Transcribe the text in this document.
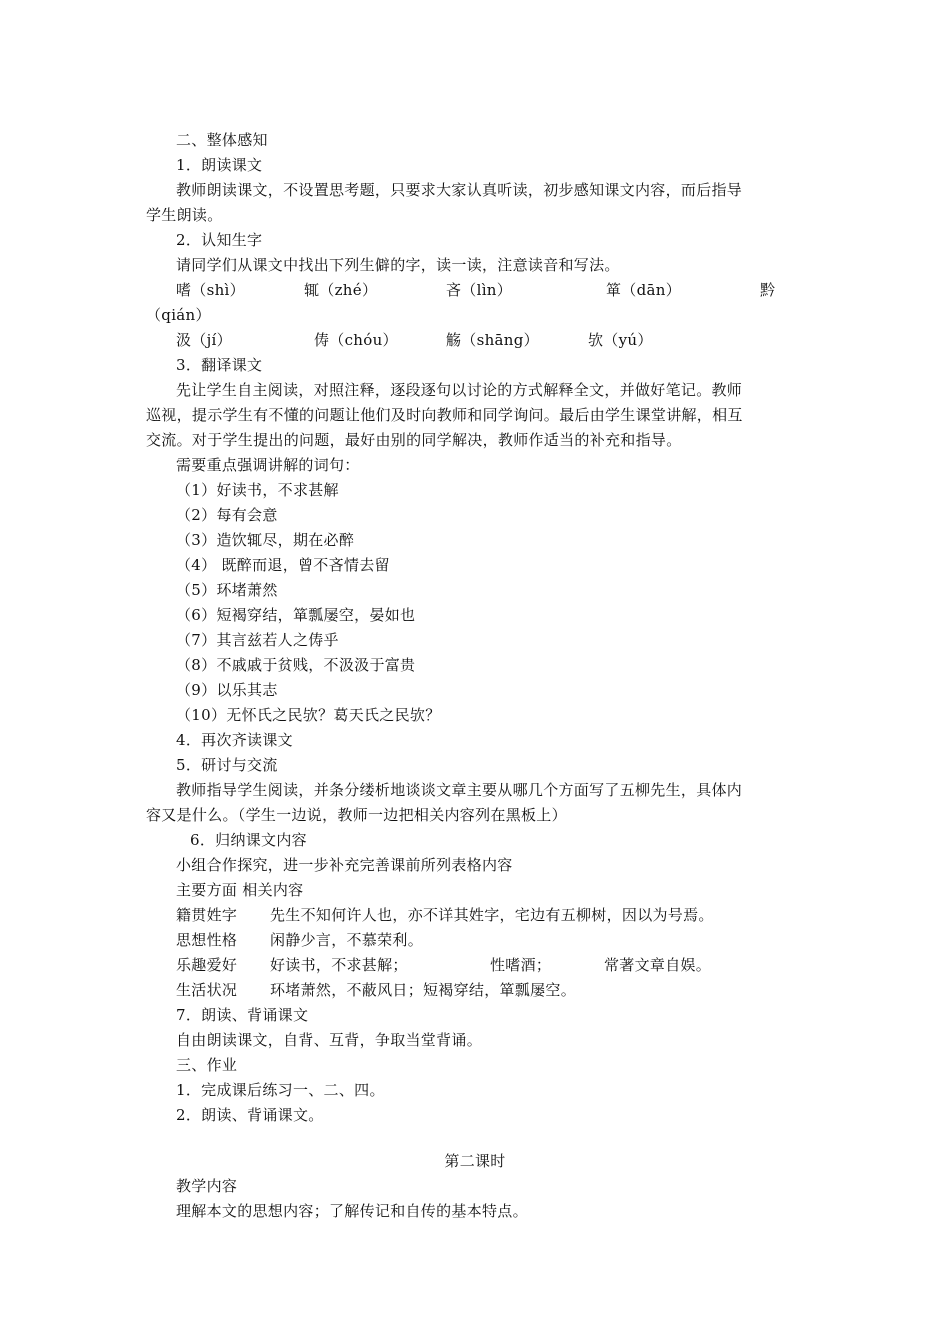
二、整体感知
1．朗读课文
教师朗读课文，不设置思考题，只要求大家认真听读，初步感知课文内容，而后指导
学生朗读。
2．认知生字
请同学们从课文中找出下列生僻的字，读一读，注意读音和写法。
嗜（shì）	辄（zhé）	吝（lìn）	箪（dān）	黔
（qián）
汲（jí）	俦（chóu）	觞（shāng）	欤（yú）
3．翻译课文
先让学生自主阅读，对照注释，逐段逐句以讨论的方式解释全文，并做好笔记。教师
巡视，提示学生有不懂的问题让他们及时向教师和同学询问。最后由学生课堂讲解，相互
交流。对于学生提出的问题，最好由别的同学解决，教师作适当的补充和指导。
需要重点强调讲解的词句：
（1）好读书，不求甚解
（2）每有会意
（3）造饮辄尽，期在必醉
（4） 既醉而退，曾不吝情去留
（5）环堵萧然
（6）短褐穿结，箪瓢屡空，晏如也
（7）其言兹若人之俦乎
（8）不戚戚于贫贱，不汲汲于富贵
（9）以乐其志
（10）无怀氏之民欤？葛天氏之民欤？
4．再次齐读课文
5．研讨与交流
教师指导学生阅读，并条分缕析地谈谈文章主要从哪几个方面写了五柳先生，具体内
容又是什么。（学生一边说，教师一边把相关内容列在黑板上）
6．归纳课文内容
小组合作探究，进一步补充完善课前所列表格内容
主要方面 相关内容
籍贯姓字 先生不知何许人也，亦不详其姓字，宅边有五柳树，因以为号焉。
思想性格 闲静少言，不慕荣利。
乐趣爱好 好读书，不求甚解；	性嗜酒；	常著文章自娱。
生活状况 环堵萧然，不蔽风日；短褐穿结，箪瓢屡空。
7．朗读、背诵课文
自由朗读课文，自背、互背，争取当堂背诵。
三、作业
1．完成课后练习一、二、四。
2．朗读、背诵课文。
第二课时
教学内容
理解本文的思想内容；了解传记和自传的基本特点。
